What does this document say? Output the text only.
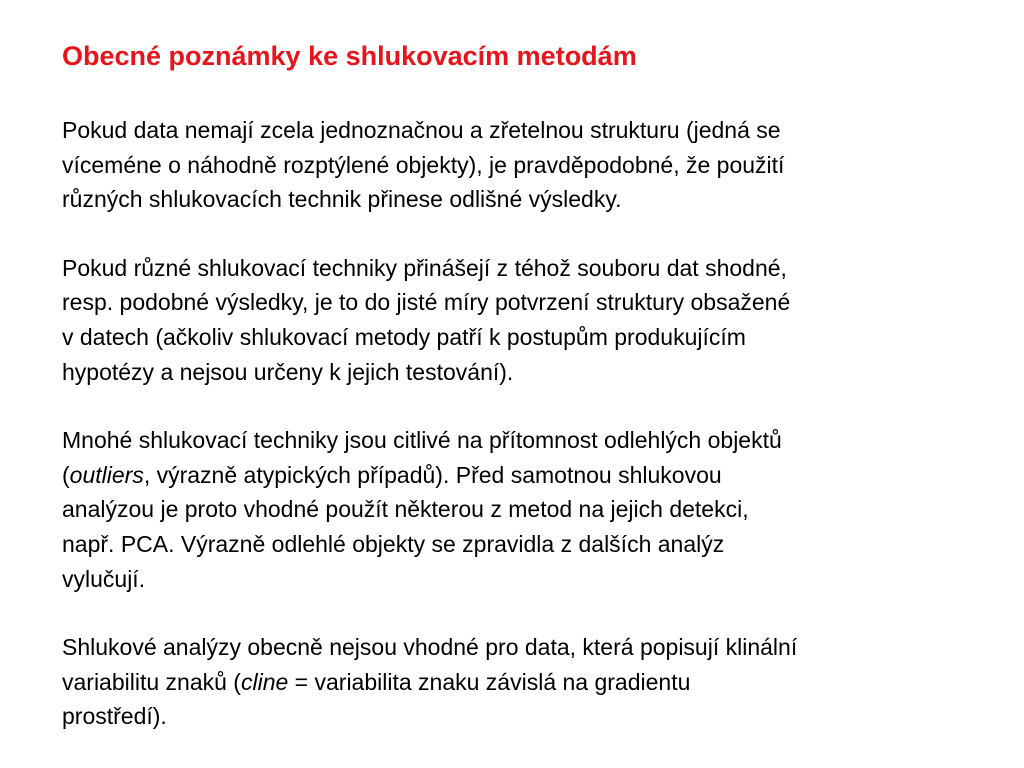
Obecné poznámky ke shlukovacím metodám

Pokud data nemají zcela jednoznačnou a zřetelnou strukturu (jedná se
víceméne o náhodně rozptýlené objekty), je pravděpodobné, že použití
různých shlukovacích technik přinese odlišné výsledky.

Pokud různé shlukovací techniky přinášejí z téhož souboru dat shodné,
resp. podobné výsledky, je to do jisté míry potvrzení struktury obsažené
v datech (ačkoliv shlukovací metody patří k postupům produkujícím
hypotézy a nejsou určeny k jejich testování).

Mnohé shlukovací techniky jsou citlivé na přítomnost odlehlých objektů
(outliers, výrazně atypických případů). Před samotnou shlukovou
analýzou je proto vhodné použít některou z metod na jejich detekci,
např. PCA. Výrazně odlehlé objekty se zpravidla z dalších analýz
vylučují.

Shlukové analýzy obecně nejsou vhodné pro data, která popisují klinální
variabilitu znaků (cline = variabilita znaku závislá na gradientu
prostředí).
